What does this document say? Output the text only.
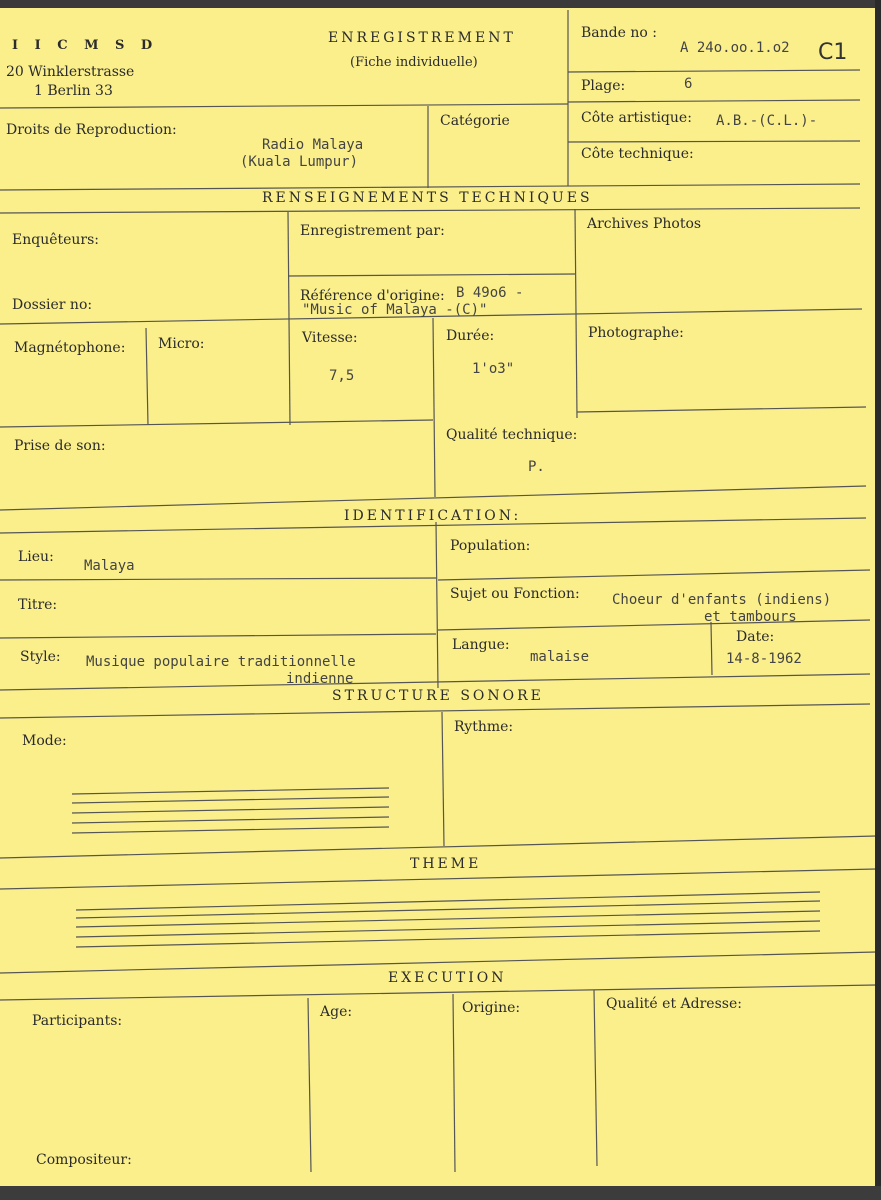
I I C M S D
20 Winklerstrasse
1 Berlin 33
ENREGISTREMENT
(Fiche individuelle)
Bande no :
A 24o.oo.1.o2 C1
Plage:	6
Droits de Reproduction:
Radio Malaya
(Kuala Lumpur)
Catégorie	Côte artistique: A.B.-(C.L.)-
Côte technique:
RENSEIGNEMENTS TECHNIQUES
Enquêteurs:
Enregistrement par:	Archives Photos
Dossier no:
Référence d'origine: B 49o6 -
"Music of Malaya -(C)"
Magnétophone: Micro:	Vitesse:
7,5
Durée:
1'o3"
Photographe:
Prise de son:
Qualité technique:
P.
IDENTIFICATION:
Lieu:
Malaya
Population:
Titre:
Sujet ou Fonction: Choeur d'enfants (indiens)
et tambours
Style: Musique populaire traditionnelle
indienne
Langue:
malaise
Date:
14-8-1962
STRUCTURE SONORE
Mode:
Rythme:
THEME
EXECUTION
Participants:
Age:	Origine:	Qualité et Adresse:
Compositeur:
